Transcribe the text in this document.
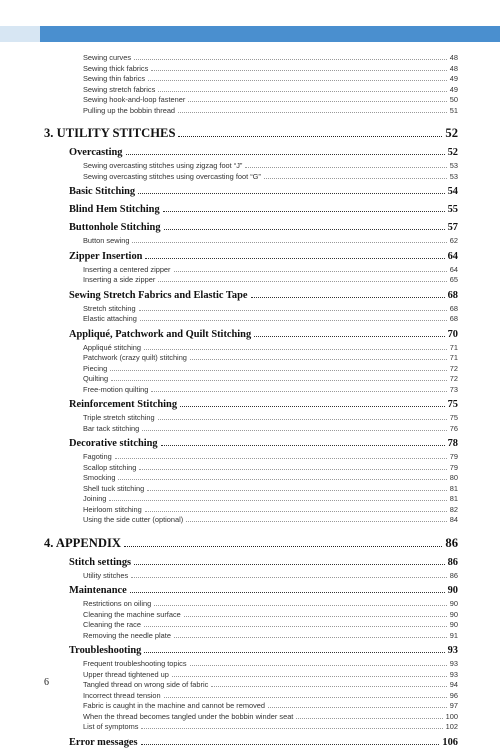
Sewing curves	48
Sewing thick fabrics	48
Sewing thin fabrics	49
Sewing stretch fabrics	49
Sewing hook-and-loop fastener	50
Pulling up the bobbin thread	51
3. UTILITY STITCHES	52
Overcasting	52
Sewing overcasting stitches using zigzag foot “J”	53
Sewing overcasting stitches using overcasting foot “G”	53
Basic Stitching	54
Blind Hem Stitching	55
Buttonhole Stitching	57
Button sewing	62
Zipper Insertion	64
Inserting a centered zipper	64
Inserting a side zipper	65
Sewing Stretch Fabrics and Elastic Tape	68
Stretch stitching	68
Elastic attaching	68
Appliqué, Patchwork and Quilt Stitching	70
Appliqué stitching	71
Patchwork (crazy quilt) stitching	71
Piecing	72
Quilting	72
Free-motion quilting	73
Reinforcement Stitching	75
Triple stretch stitching	75
Bar tack stitching	76
Decorative stitching	78
Fagoting	79
Scallop stitching	79
Smocking	80
Shell tuck stitching	81
Joining	81
Heirloom stitching	82
Using the side cutter (optional)	84
4. APPENDIX	86
Stitch settings	86
Utility stitches	86
Maintenance	90
Restrictions on oiling	90
Cleaning the machine surface	90
Cleaning the race	90
Removing the needle plate	91
Troubleshooting	93
Frequent troubleshooting topics	93
Upper thread tightened up	93
Tangled thread on wrong side of fabric	94
Incorrect thread tension	96
Fabric is caught in the machine and cannot be removed	97
When the thread becomes tangled under the bobbin winder seat	100
List of symptoms	102
Error messages	106
6
